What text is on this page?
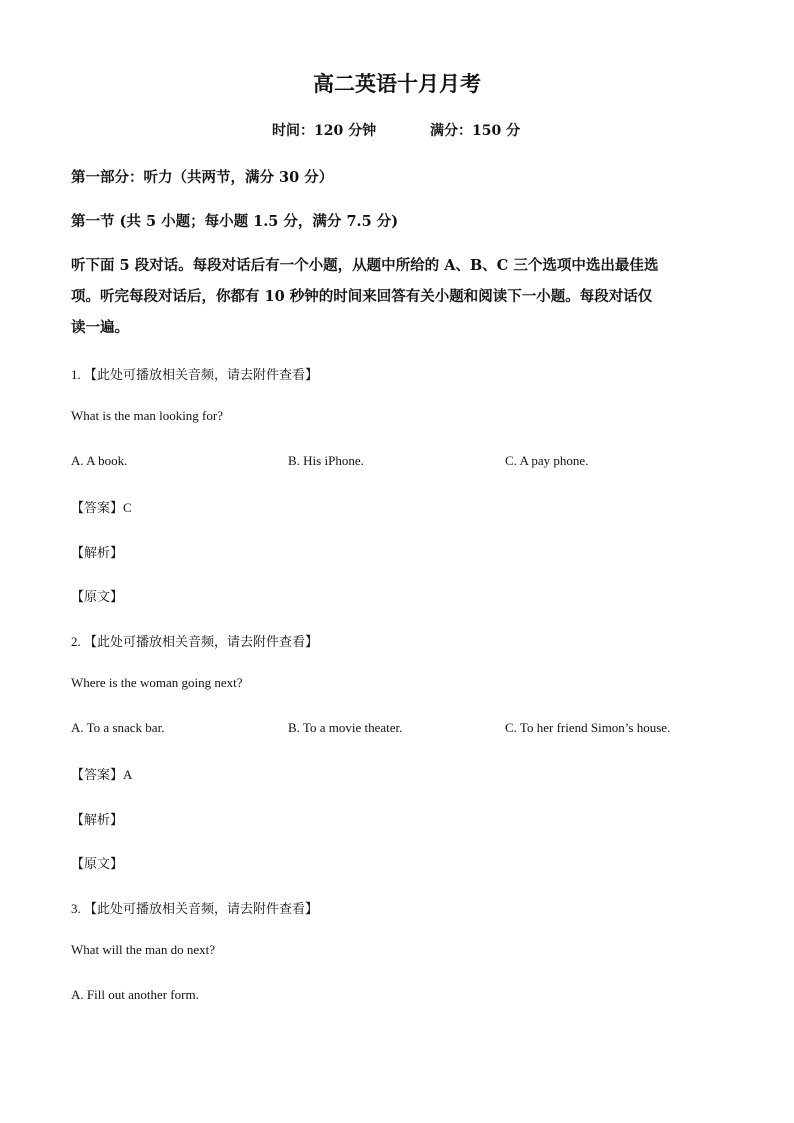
高二英语十月月考
时间：120 分钟	满分：150 分
第一部分：听力（共两节，满分 30 分）
第一节 (共 5 小题；每小题 1.5 分，满分 7.5 分)
听下面 5 段对话。每段对话后有一个小题，从题中所给的 A、B、C 三个选项中选出最佳选
项。听完每段对话后，你都有 10 秒钟的时间来回答有关小题和阅读下一小题。每段对话仅
读一遍。
1. 【此处可播放相关音频，请去附件查看】
What is the man looking for?
A. A book.	B. His iPhone.	C. A pay phone.
【答案】C
【解析】
【原文】
2. 【此处可播放相关音频，请去附件查看】
Where is the woman going next?
A. To a snack bar.	B. To a movie theater.	C. To her friend Simon’s house.
【答案】A
【解析】
【原文】
3. 【此处可播放相关音频，请去附件查看】
What will the man do next?
A. Fill out another form.
